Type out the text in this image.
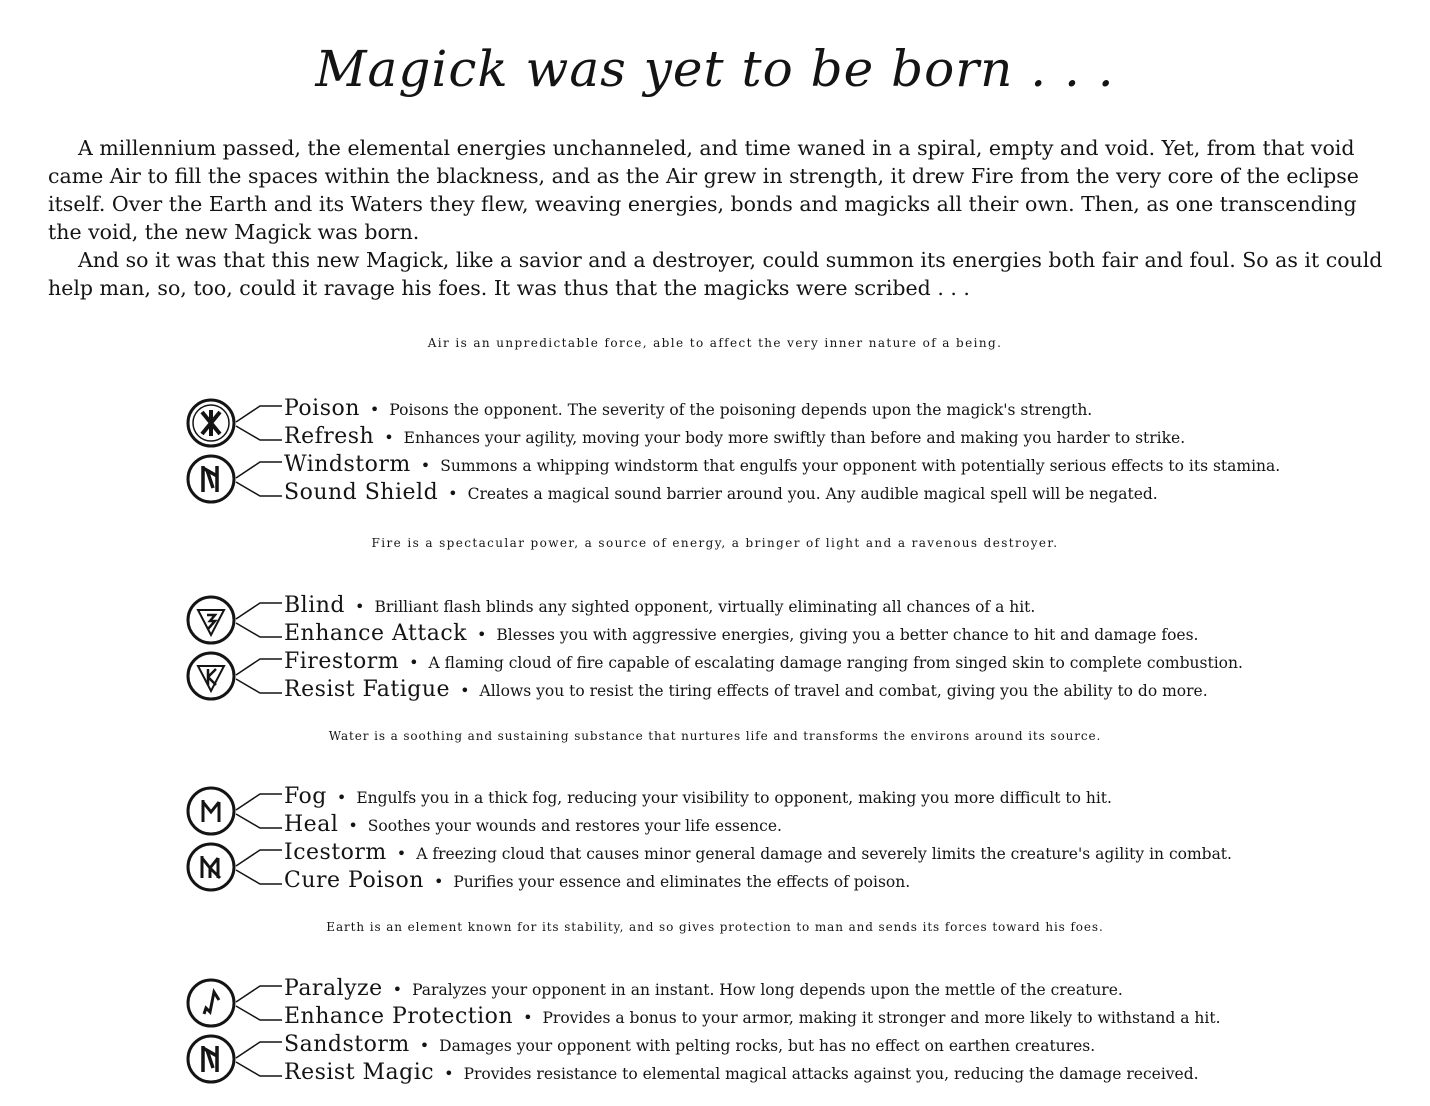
Magick was yet to be born . . .

A millennium passed, the elemental energies unchanneled, and time waned in a spiral, empty and void. Yet, from that void came Air to fill the spaces within the blackness, and as the Air grew in strength, it drew Fire from the very core of the eclipse itself. Over the Earth and its Waters they flew, weaving energies, bonds and magicks all their own. Then, as one transcending the void, the new Magick was born.

And so it was that this new Magick, like a savior and a destroyer, could summon its energies both fair and foul. So as it could help man, so, too, could it ravage his foes. It was thus that the magicks were scribed . . .

Air is an unpredictable force, able to affect the very inner nature of a being.
Poison • Poisons the opponent. The severity of the poisoning depends upon the magick's strength.
Refresh • Enhances your agility, moving your body more swiftly than before and making you harder to strike.
Windstorm • Summons a whipping windstorm that engulfs your opponent with potentially serious effects to its stamina.
Sound Shield • Creates a magical sound barrier around you. Any audible magical spell will be negated.
Fire is a spectacular power, a source of energy, a bringer of light and a ravenous destroyer.
Blind • Brilliant flash blinds any sighted opponent, virtually eliminating all chances of a hit.
Enhance Attack • Blesses you with aggressive energies, giving you a better chance to hit and damage foes.
Firestorm • A flaming cloud of fire capable of escalating damage ranging from singed skin to complete combustion.
Resist Fatigue • Allows you to resist the tiring effects of travel and combat, giving you the ability to do more.
Water is a soothing and sustaining substance that nurtures life and transforms the environs around its source.
Fog • Engulfs you in a thick fog, reducing your visibility to opponent, making you more difficult to hit.
Heal • Soothes your wounds and restores your life essence.
Icestorm • A freezing cloud that causes minor general damage and severely limits the creature's agility in combat.
Cure Poison • Purifies your essence and eliminates the effects of poison.
Earth is an element known for its stability, and so gives protection to man and sends its forces toward his foes.
Paralyze • Paralyzes your opponent in an instant. How long depends upon the mettle of the creature.
Enhance Protection • Provides a bonus to your armor, making it stronger and more likely to withstand a hit.
Sandstorm • Damages your opponent with pelting rocks, but has no effect on earthen creatures.
Resist Magic • Provides resistance to elemental magical attacks against you, reducing the damage received.
